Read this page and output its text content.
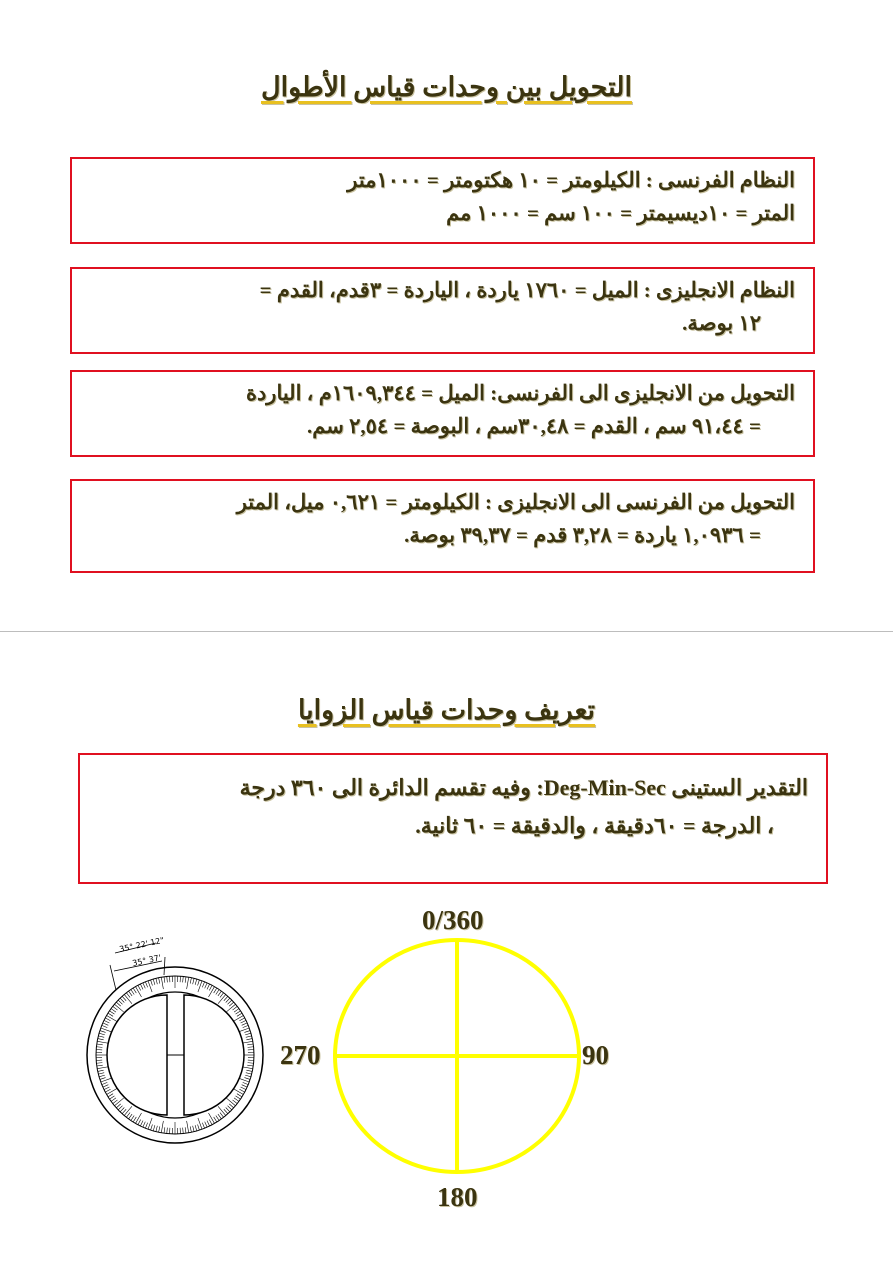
التحويل بين وحدات قياس الأطوال

النظام الفرنسى : الكيلومتر = ١٠ هكتومتر = ١٠٠٠متر

المتر = ١٠ديسيمتر = ١٠٠ سم = ١٠٠٠ مم

النظام الانجليزى : الميل = ١٧٦٠ ياردة ، الياردة = ٣قدم، القدم =

١٢ بوصة.

التحويل من الانجليزى الى الفرنسى: الميل = ١٦٠٩,٣٤٤م ، الياردة

= ٩١،٤٤ سم ، القدم = ٣٠,٤٨سم ، البوصة = ٢,٥٤ سم.

التحويل من الفرنسى الى الانجليزى : الكيلومتر = ٠,٦٢١ ميل، المتر

= ١,٠٩٣٦ ياردة = ٣,٢٨ قدم = ٣٩,٣٧ بوصة.

تعريف وحدات قياس الزوايا

التقدير الستينى Deg-Min-Sec: وفيه تقسم الدائرة الى ٣٦٠ درجة

، الدرجة = ٦٠دقيقة ، والدقيقة = ٦٠ ثانية.

35° 22' 12"
35° 37'
0/360
90
180
270
